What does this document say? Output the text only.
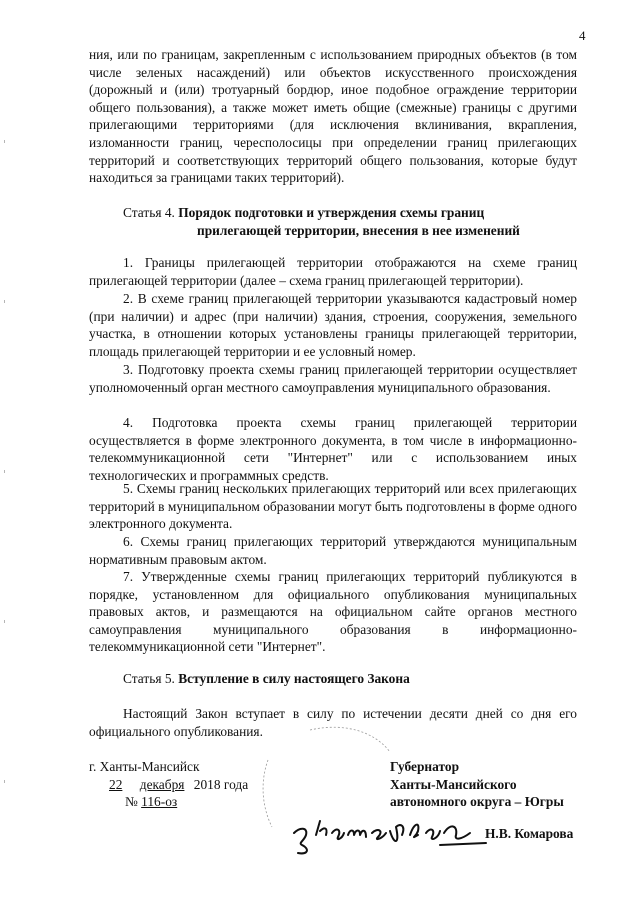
4

ния, или по границам, закрепленным с использованием природных объектов (в том числе зеленых насаждений) или объектов искусственного происхождения (дорожный и (или) тротуарный бордюр, иное подобное ограждение территории общего пользования), а также может иметь общие (смежные) границы с другими прилегающими территориями (для исключения вклинивания, вкрапления, изломанности границ, чересполосицы при определении границ прилегающих территорий и соответствующих территорий общего пользования, которые будут находиться за границами таких территорий).

Статья 4. Порядок подготовки и утверждения схемы границ
прилегающей территории, внесения в нее изменений

1. Границы прилегающей территории отображаются на схеме границ прилегающей территории (далее – схема границ прилегающей территории).

2. В схеме границ прилегающей территории указываются кадастровый номер (при наличии) и адрес (при наличии) здания, строения, сооружения, земельного участка, в отношении которых установлены границы прилегающей территории, площадь прилегающей территории и ее условный номер.

3. Подготовку проекта схемы границ прилегающей территории осуществляет уполномоченный орган местного самоуправления муниципального образования.

4. Подготовка проекта схемы границ прилегающей территории осуществляется в форме электронного документа, в том числе в информационно-телекоммуникационной сети "Интернет" или с использованием иных технологических и программных средств.

5. Схемы границ нескольких прилегающих территорий или всех прилегающих территорий в муниципальном образовании могут быть подготовлены в форме одного электронного документа.

6. Схемы границ прилегающих территорий утверждаются муниципальным нормативным правовым актом.

7. Утвержденные схемы границ прилегающих территорий публикуются в порядке, установленном для официального опубликования муниципальных правовых актов, и размещаются на официальном сайте органов местного самоуправления муниципального образования в информационно-телекоммуникационной сети "Интернет".

Статья 5. Вступление в силу настоящего Закона

Настоящий Закон вступает в силу по истечении десяти дней со дня его официального опубликования.

г. Ханты-Мансийск
22 декабря 2018 года
№ 116-оз
Губернатор
Ханты-Мансийского
автономного округа – Югры
Н.В. Комарова
